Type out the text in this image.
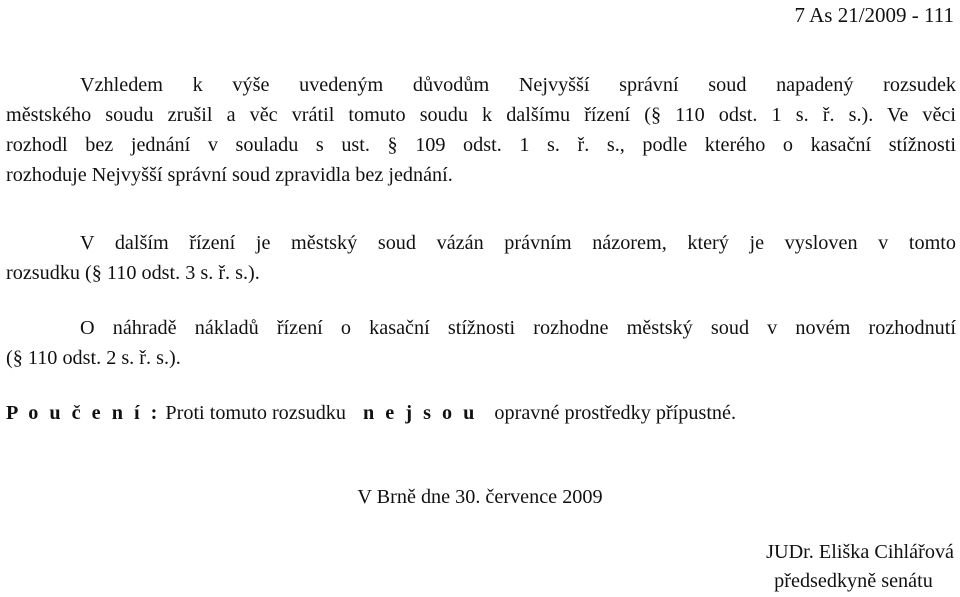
7 As 21/2009 - 111

Vzhledem k výše uvedeným důvodům Nejvyšší správní soud napadený rozsudek

městského soudu zrušil a věc vrátil tomuto soudu k dalšímu řízení (§ 110 odst. 1 s. ř. s.). Ve věci

rozhodl bez jednání v souladu s ust. § 109 odst. 1 s. ř. s., podle kterého o kasační stížnosti

rozhoduje Nejvyšší správní soud zpravidla bez jednání.

V dalším řízení je městský soud vázán právním názorem, který je vysloven v tomto

rozsudku (§ 110 odst. 3 s. ř. s.).

O náhradě nákladů řízení o kasační stížnosti rozhodne městský soud v novém rozhodnutí

(§ 110 odst. 2 s. ř. s.).

P o u č e n í : Proti tomuto rozsudku n e j s o u opravné prostředky přípustné.

V Brně dne 30. července 2009

JUDr. Eliška Cihlářová
předsedkyně senátu
